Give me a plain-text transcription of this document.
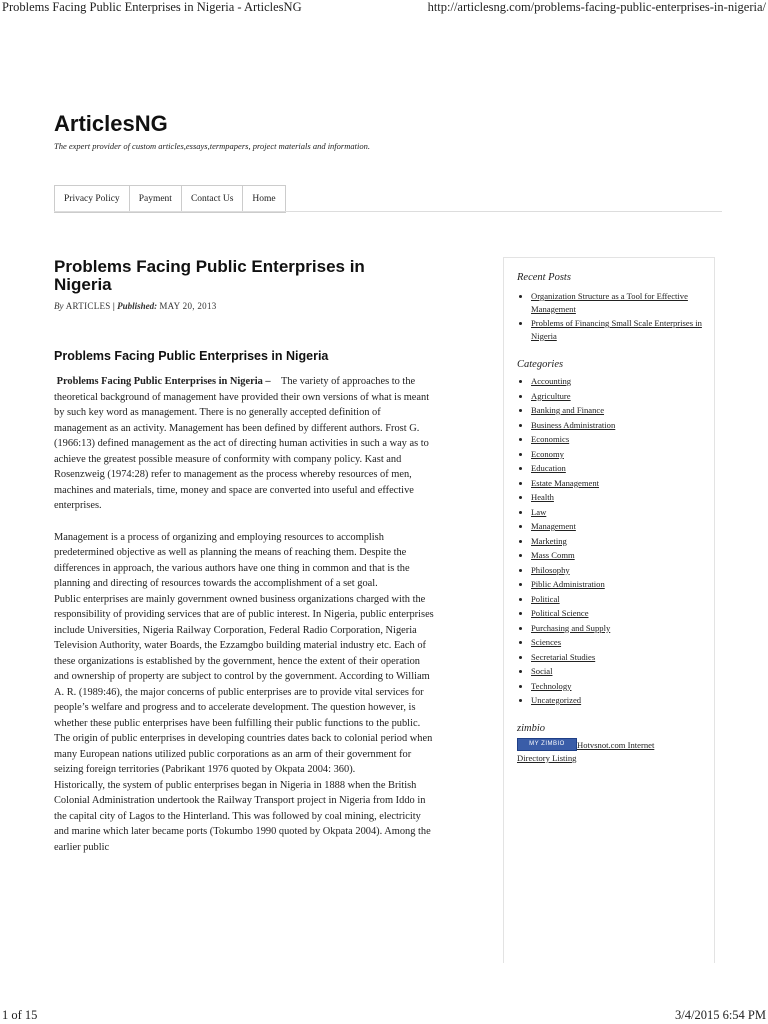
Problems Facing Public Enterprises in Nigeria - ArticlesNG	http://articlesng.com/problems-facing-public-enterprises-in-nigeria/
ArticlesNG
The expert provider of custom articles,essays,termpapers, project materials and information.
Privacy Policy	Payment	Contact Us	Home
Problems Facing Public Enterprises in Nigeria
By ARTICLES | Published: MAY 20, 2013
Problems Facing Public Enterprises in Nigeria

Problems Facing Public Enterprises in Nigeria – The variety of approaches to the theoretical background of management have provided their own versions of what is meant by such key word as management. There is no generally accepted definition of management as an activity. Management has been defined by different authors. Frost G. (1966:13) defined management as the act of directing human activities in such a way as to achieve the greatest possible measure of conformity with company policy. Kast and Rosenzweig (1974:28) refer to management as the process whereby resources of men, machines and materials, time, money and space are converted into useful and effective enterprises.

Management is a process of organizing and employing resources to accomplish predetermined objective as well as planning the means of reaching them. Despite the differences in approach, the various authors have one thing in common and that is the planning and directing of resources towards the accomplishment of a set goal.

Public enterprises are mainly government owned business organizations charged with the responsibility of providing services that are of public interest. In Nigeria, public enterprises include Universities, Nigeria Railway Corporation, Federal Radio Corporation, Nigeria Television Authority, water Boards, the Ezzamgbo building material industry etc. Each of these organizations is established by the government, hence the extent of their operation and ownership of property are subject to control by the government. According to William A. R. (1989:46), the major concerns of public enterprises are to provide vital services for people’s welfare and progress and to accelerate development. The question however, is whether these public enterprises have been fulfilling their public functions to the public.

The origin of public enterprises in developing countries dates back to colonial period when many European nations utilized public corporations as an arm of their government for seizing foreign territories (Pabrikant 1976 quoted by Okpata 2004: 360).

Historically, the system of public enterprises began in Nigeria in 1888 when the British Colonial Administration undertook the Railway Transport project in Nigeria from Iddo in the capital city of Lagos to the Hinterland. This was followed by coal mining, electricity and marine which later became ports (Tokumbo 1990 quoted by Okpata 2004). Among the earlier public

Recent Posts
• Organization Structure as a Tool for Effective Management
• Problems of Financing Small Scale Enterprises in Nigeria
Categories
• Accounting
• Agriculture
• Banking and Finance
• Business Administration
• Economics
• Economy
• Education
• Estate Management
• Health
• Law
• Management
• Marketing
• Mass Comm
• Philosophy
• Piblic Administration
• Political
• Political Science
• Purchasing and Supply
• Sciences
• Secretarial Studies
• Social
• Technology
• Uncategorized
zimbio
MY ZIMBIO	Hotvsnot.com Internet Directory Listing
1 of 15	3/4/2015 6:54 PM
